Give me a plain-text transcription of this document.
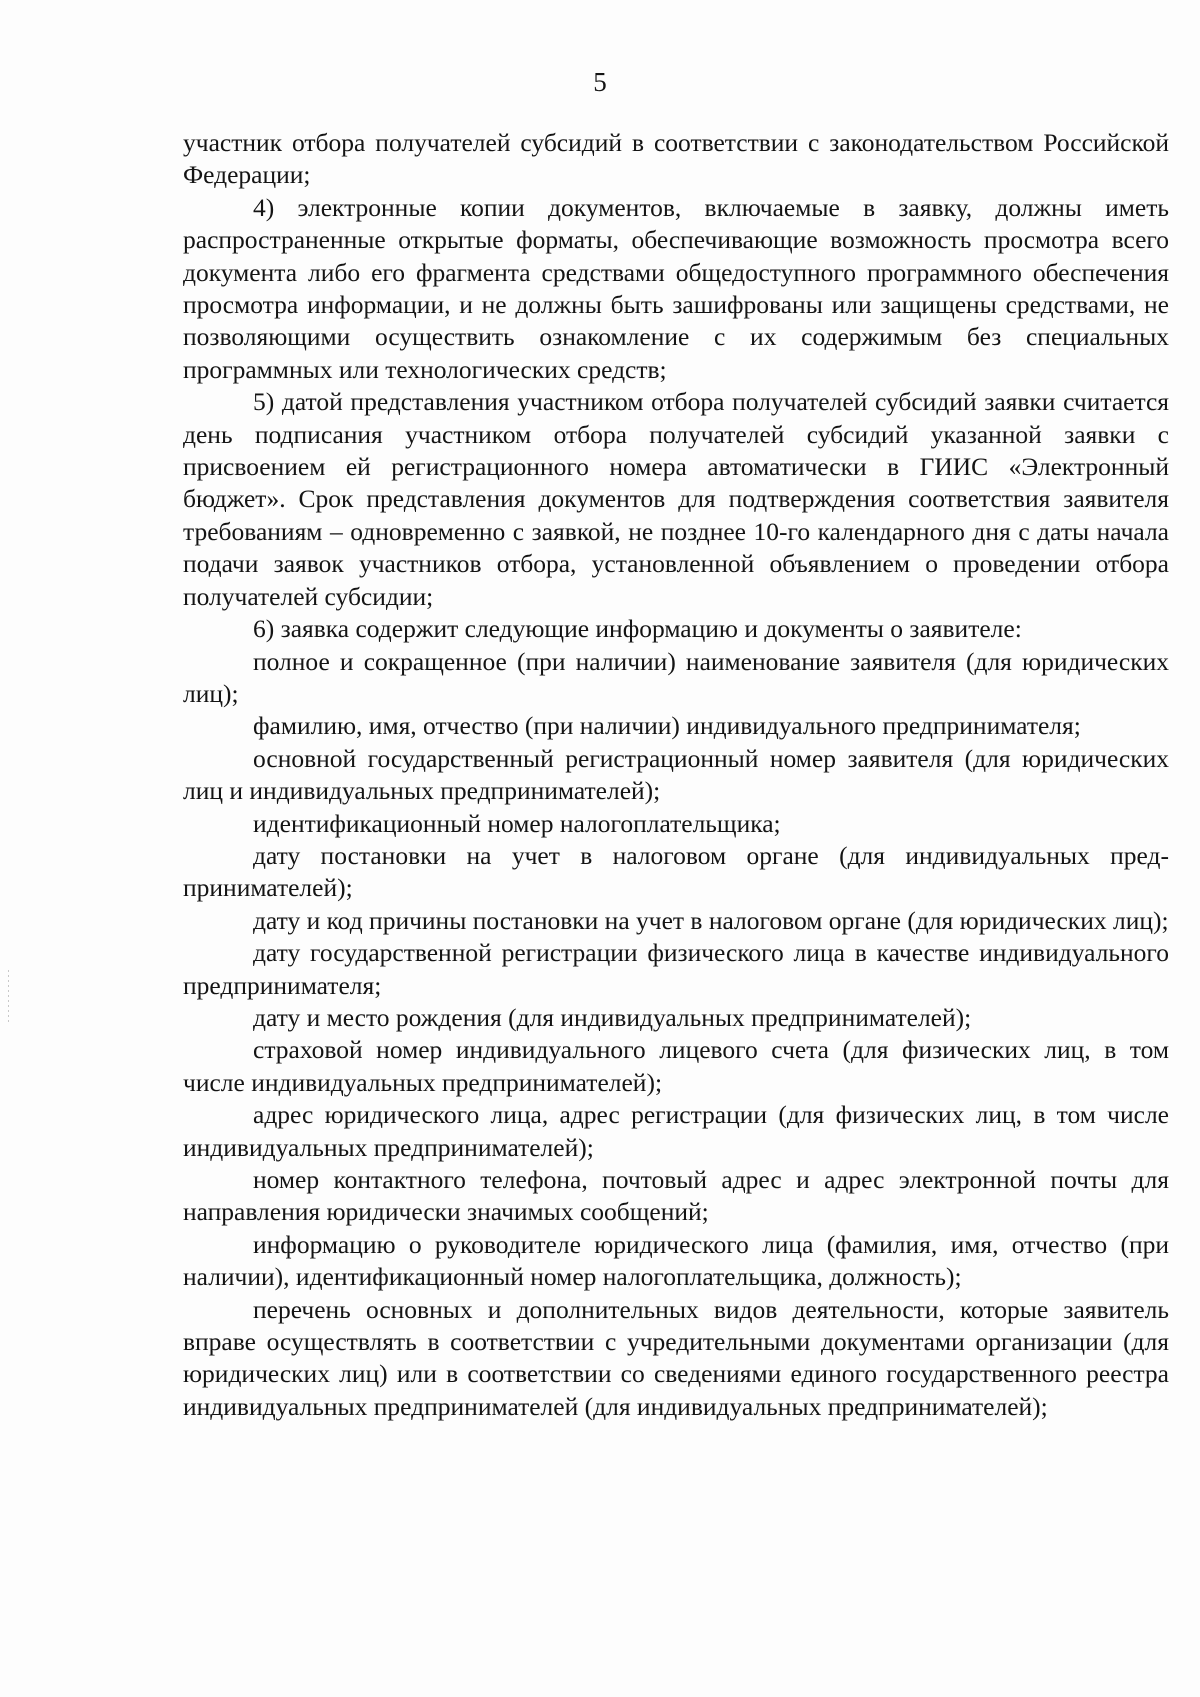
5

участник отбора получателей субсидий в соответствии с законодательством Российской Федерации;

4) электронные копии документов, включаемые в заявку, должны иметь распространенные открытые форматы, обеспечивающие возможность просмотра всего документа либо его фрагмента средствами общедоступного программного обеспечения просмотра информации, и не должны быть зашифрованы или защищены средствами, не позволяющими осуществить ознакомление с их содержимым без специальных программных или технологических средств;

5) датой представления участником отбора получателей субсидий заявки считается день подписания участником отбора получателей субсидий указанной заявки с присвоением ей регистрационного номера автоматически в ГИИС «Электронный бюджет». Срок представления документов для подтверждения соответствия заявителя требованиям – одновременно с заявкой, не позднее 10-го календарного дня с даты начала подачи заявок участников отбора, установленной объявлением о проведении отбора получателей субсидии;

6) заявка содержит следующие информацию и документы о заявителе:

полное и сокращенное (при наличии) наименование заявителя (для юридических лиц);

фамилию, имя, отчество (при наличии) индивидуального предпринимателя;

основной государственный регистрационный номер заявителя (для юридических лиц и индивидуальных предпринимателей);

идентификационный номер налогоплательщика;

дату постановки на учет в налоговом органе (для индивидуальных предпринимателей);

дату и код причины постановки на учет в налоговом органе (для юридических лиц);

дату государственной регистрации физического лица в качестве индивидуального предпринимателя;

дату и место рождения (для индивидуальных предпринимателей);

страховой номер индивидуального лицевого счета (для физических лиц, в том числе индивидуальных предпринимателей);

адрес юридического лица, адрес регистрации (для физических лиц, в том числе индивидуальных предпринимателей);

номер контактного телефона, почтовый адрес и адрес электронной почты для направления юридически значимых сообщений;

информацию о руководителе юридического лица (фамилия, имя, отчество (при наличии), идентификационный номер налогоплательщика, должность);

перечень основных и дополнительных видов деятельности, которые заявитель вправе осуществлять в соответствии с учредительными документами организации (для юридических лиц) или в соответствии со сведениями единого государственного реестра индивидуальных предпринимателей (для индивидуальных предпринимателей);
